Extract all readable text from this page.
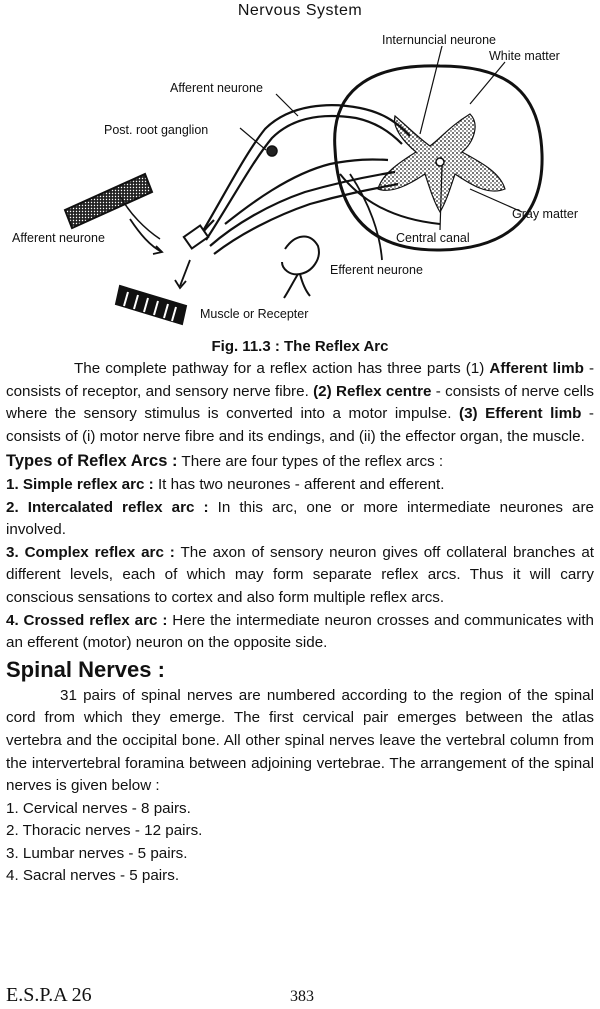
Nervous System
Internuncial neurone
White matter
Afferent neurone
Post. root ganglion
Afferent neurone
Gray matter
Central canal
Efferent neurone
Muscle or Recepter
Fig. 11.3 : The Reflex Arc

The complete pathway for a reflex action has three parts (1) Afferent limb - consists of receptor, and sensory nerve fibre. (2) Reflex centre - consists of nerve cells where the sensory stimulus is converted into a motor impulse. (3) Efferent limb - consists of (i) motor nerve fibre and its endings, and (ii) the effector organ, the muscle.

Types of Reflex Arcs : There are four types of the reflex arcs :

1. Simple reflex arc : It has two neurones - afferent and efferent.

2. Intercalated reflex arc : In this arc, one or more intermediate neurones are involved.

3. Complex reflex arc : The axon of sensory neuron gives off collateral branches at different levels, each of which may form separate reflex arcs. Thus it will carry conscious sensations to cortex and also form multiple reflex arcs.

4. Crossed reflex arc : Here the intermediate neuron crosses and communicates with an efferent (motor) neuron on the opposite side.

Spinal Nerves :

31 pairs of spinal nerves are numbered according to the region of the spinal cord from which they emerge. The first cervical pair emerges between the atlas vertebra and the occipital bone. All other spinal nerves leave the vertebral column from the intervertebral foramina between adjoining vertebrae. The arrangement of the spinal nerves is given below :

1. Cervical nerves - 8 pairs.

2. Thoracic nerves - 12 pairs.

3. Lumbar nerves - 5 pairs.

4. Sacral nerves - 5 pairs.

E.S.P.A 26	383
